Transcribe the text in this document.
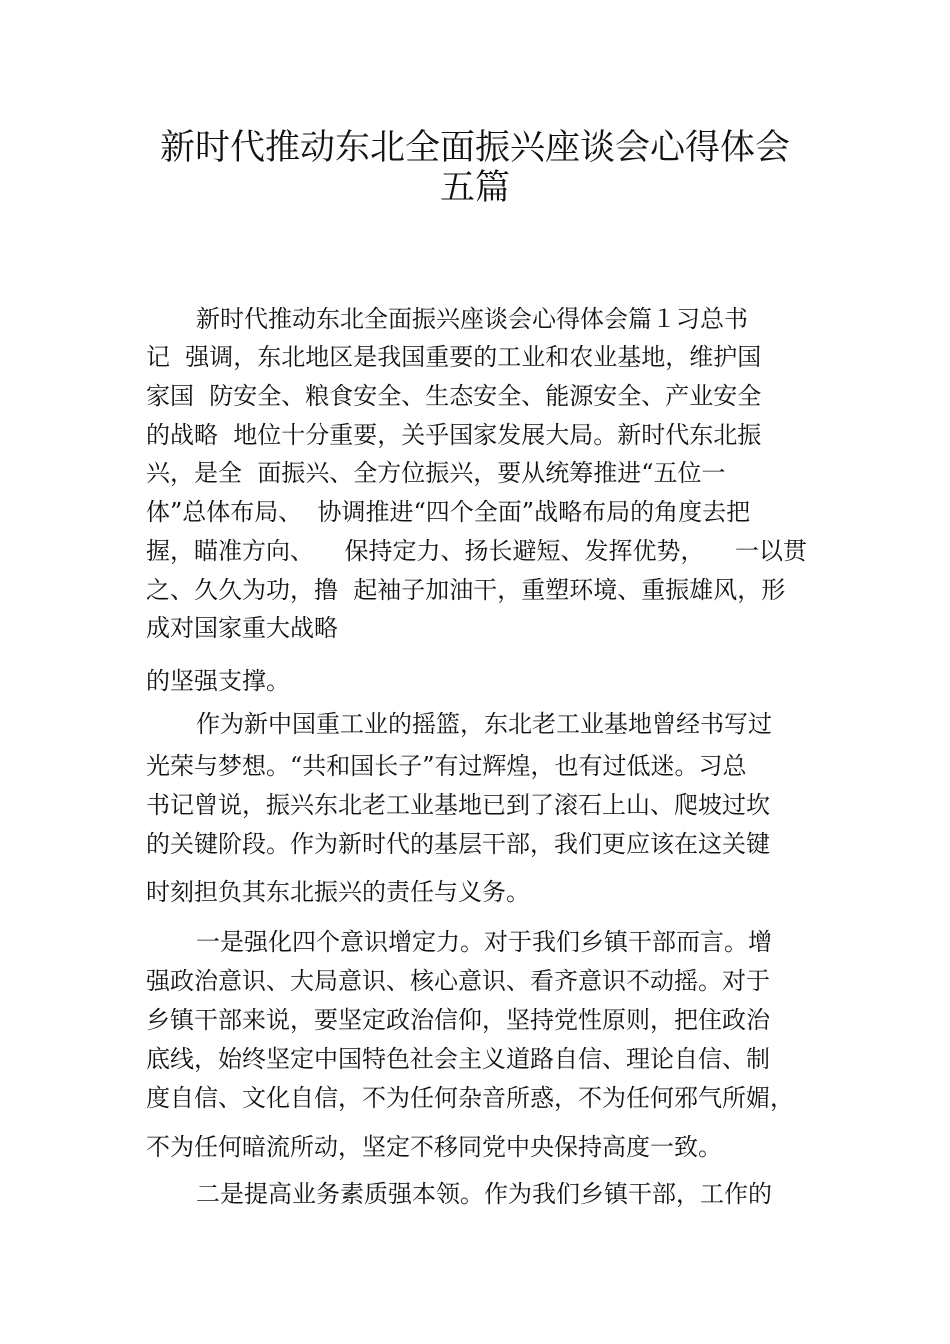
新时代推动东北全面振兴座谈会心得体会
五篇
新时代推动东北全面振兴座谈会心得体会篇１习总书
记  强调，东北地区是我国重要的工业和农业基地，维护国
家国  防安全、粮食安全、生态安全、能源安全、产业安全
的战略  地位十分重要，关乎国家发展大局。新时代东北振
兴，是全  面振兴、全方位振兴，要从统筹推进“五位一
体”总体布局、  协调推进“四个全面”战略布局的角度去把
握，瞄准方向、    保持定力、扬长避短、发挥优势，    一以贯
之、久久为功，撸  起袖子加油干，重塑环境、重振雄风，形
成对国家重大战略
的坚强支撑。
作为新中国重工业的摇篮，东北老工业基地曾经书写过
光荣与梦想。“共和国长子”有过辉煌，也有过低迷。习总
书记曾说，振兴东北老工业基地已到了滚石上山、爬坡过坎
的关键阶段。作为新时代的基层干部，我们更应该在这关键
时刻担负其东北振兴的责任与义务。
一是强化四个意识增定力。对于我们乡镇干部而言。增
强政治意识、大局意识、核心意识、看齐意识不动摇。对于
乡镇干部来说，要坚定政治信仰，坚持党性原则，把住政治
底线，始终坚定中国特色社会主义道路自信、理论自信、制
度自信、文化自信，不为任何杂音所惑，不为任何邪气所媚，
不为任何暗流所动，坚定不移同党中央保持高度一致。
二是提高业务素质强本领。作为我们乡镇干部，工作的
